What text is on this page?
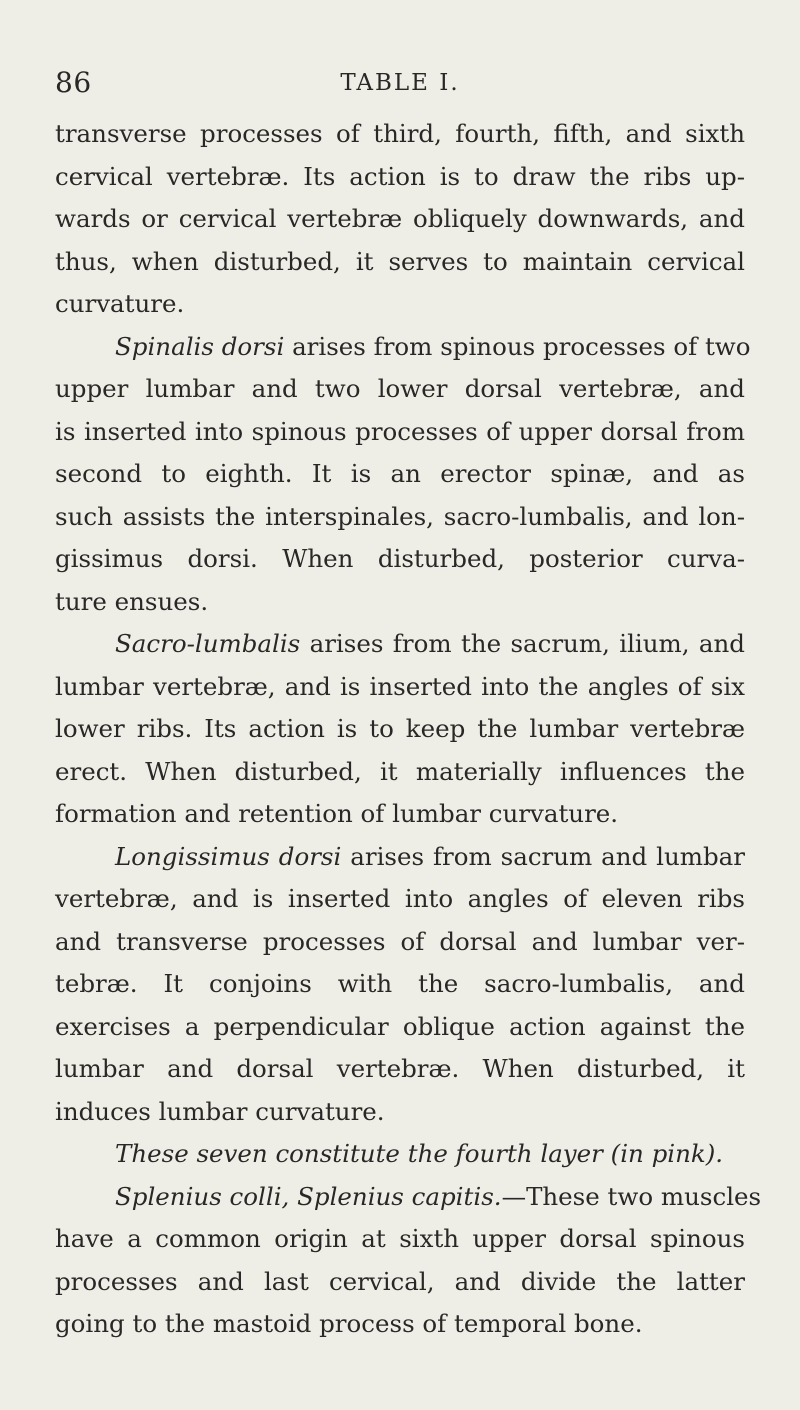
86	TABLE I.
transverse processes of third, fourth, fifth, and sixth
cervical vertebræ. Its action is to draw the ribs up-
wards or cervical vertebræ obliquely downwards, and
thus, when disturbed, it serves to maintain cervical
curvature.
Spinalis dorsi arises from spinous processes of two
upper lumbar and two lower dorsal vertebræ, and
is inserted into spinous processes of upper dorsal from
second to eighth. It is an erector spinæ, and as
such assists the interspinales, sacro-lumbalis, and lon-
gissimus dorsi. When disturbed, posterior curva-
ture ensues.
Sacro-lumbalis arises from the sacrum, ilium, and
lumbar vertebræ, and is inserted into the angles of six
lower ribs. Its action is to keep the lumbar vertebræ
erect. When disturbed, it materially influences the
formation and retention of lumbar curvature.
Longissimus dorsi arises from sacrum and lumbar
vertebræ, and is inserted into angles of eleven ribs
and transverse processes of dorsal and lumbar ver-
tebræ. It conjoins with the sacro-lumbalis, and
exercises a perpendicular oblique action against the
lumbar and dorsal vertebræ. When disturbed, it
induces lumbar curvature.
These seven constitute the fourth layer (in pink).
Splenius colli, Splenius capitis.—These two muscles
have a common origin at sixth upper dorsal spinous
processes and last cervical, and divide the latter
going to the mastoid process of temporal bone.
